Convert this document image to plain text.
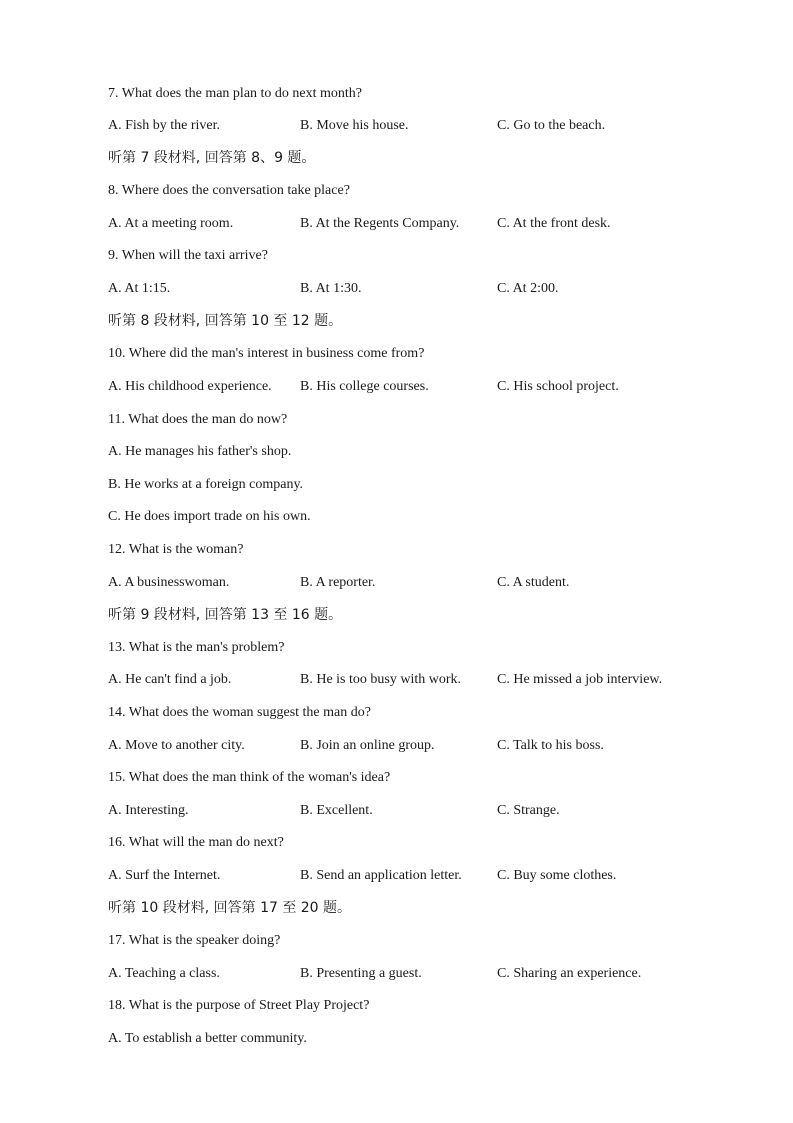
7. What does the man plan to do next month?
A. Fish by the river.	B. Move his house.	C. Go to the beach.
听第 7 段材料, 回答第 8、9 题。
8. Where does the conversation take place?
A. At a meeting room.	B. At the Regents Company.	C. At the front desk.
9. When will the taxi arrive?
A. At 1:15.	B. At 1:30.	C. At 2:00.
听第 8 段材料, 回答第 10 至 12 题。
10. Where did the man's interest in business come from?
A. His childhood experience. B. His college courses.	C. His school project.
11. What does the man do now?
A. He manages his father's shop.
B. He works at a foreign company.
C. He does import trade on his own.
12. What is the woman?
A. A businesswoman.	B. A reporter.	C. A student.
听第 9 段材料, 回答第 13 至 16 题。
13. What is the man's problem?
A. He can't find a job.	B. He is too busy with work.	C. He missed a job interview.
14. What does the woman suggest the man do?
A. Move to another city.	B. Join an online group.	C. Talk to his boss.
15. What does the man think of the woman's idea?
A. Interesting.	B. Excellent.	C. Strange.
16. What will the man do next?
A. Surf the Internet.	B. Send an application letter.	C. Buy some clothes.
听第 10 段材料, 回答第 17 至 20 题。
17. What is the speaker doing?
A. Teaching a class.	B. Presenting a guest.	C. Sharing an experience.
18. What is the purpose of Street Play Project?
A. To establish a better community.
